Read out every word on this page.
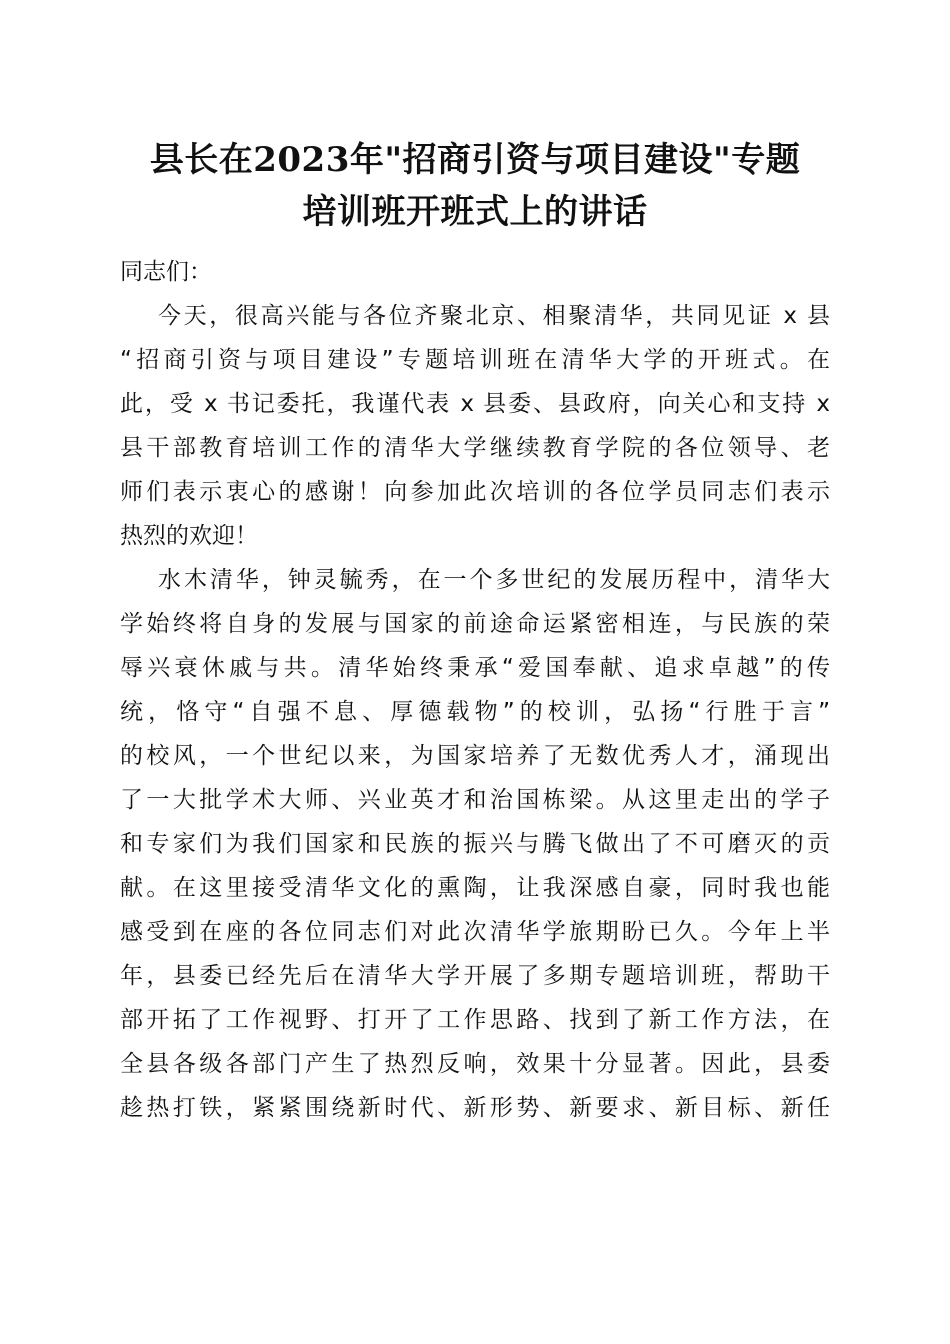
县长在2023年"招商引资与项目建设"专题
培训班开班式上的讲话
同志们：
今天，很高兴能与各位齐聚北京、相聚清华，共同见证 x 县
“招商引资与项目建设”专题培训班在清华大学的开班式。在
此，受 x 书记委托，我谨代表 x 县委、县政府，向关心和支持 x
县干部教育培训工作的清华大学继续教育学院的各位领导、老
师们表示衷心的感谢！向参加此次培训的各位学员同志们表示
热烈的欢迎！
水木清华，钟灵毓秀，在一个多世纪的发展历程中，清华大
学始终将自身的发展与国家的前途命运紧密相连，与民族的荣
辱兴衰休戚与共。清华始终秉承“爱国奉献、追求卓越”的传
统，恪守“自强不息、厚德载物”的校训，弘扬“行胜于言”
的校风，一个世纪以来，为国家培养了无数优秀人才，涌现出
了一大批学术大师、兴业英才和治国栋梁。从这里走出的学子
和专家们为我们国家和民族的振兴与腾飞做出了不可磨灭的贡
献。在这里接受清华文化的熏陶，让我深感自豪，同时我也能
感受到在座的各位同志们对此次清华学旅期盼已久。今年上半
年，县委已经先后在清华大学开展了多期专题培训班，帮助干
部开拓了工作视野、打开了工作思路、找到了新工作方法，在
全县各级各部门产生了热烈反响，效果十分显著。因此，县委
趁热打铁，紧紧围绕新时代、新形势、新要求、新目标、新任
